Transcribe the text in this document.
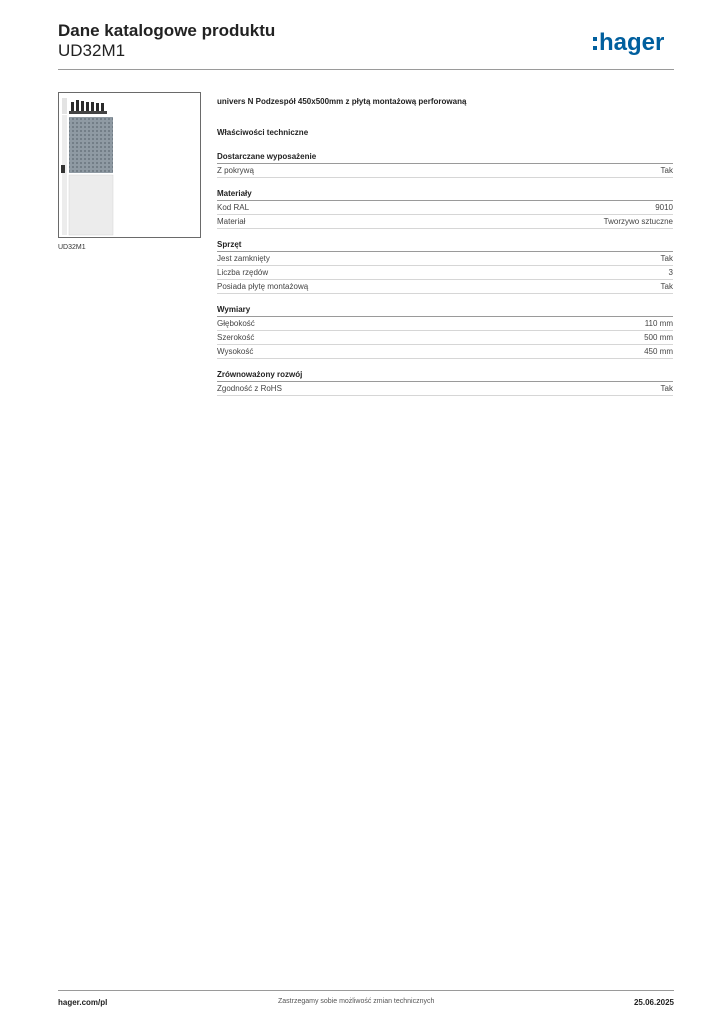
Dane katalogowe produktu
UD32M1	hager
UD32M1
univers N Podzespół 450x500mm z płytą montażową perforowaną
Właściwości techniczne
Dostarczane wyposażenie
Z pokrywą	Tak
Materiały
Kod RAL	9010
Materiał	Tworzywo sztuczne
Sprzęt
Jest zamknięty	Tak
Liczba rzędów	3
Posiada płytę montażową	Tak
Wymiary
Głębokość	110 mm
Szerokość	500 mm
Wysokość	450 mm
Zrównoważony rozwój
Zgodność z RoHS	Tak
hager.com/pl	Zastrzegamy sobie możliwość zmian technicznych	25.06.2025
